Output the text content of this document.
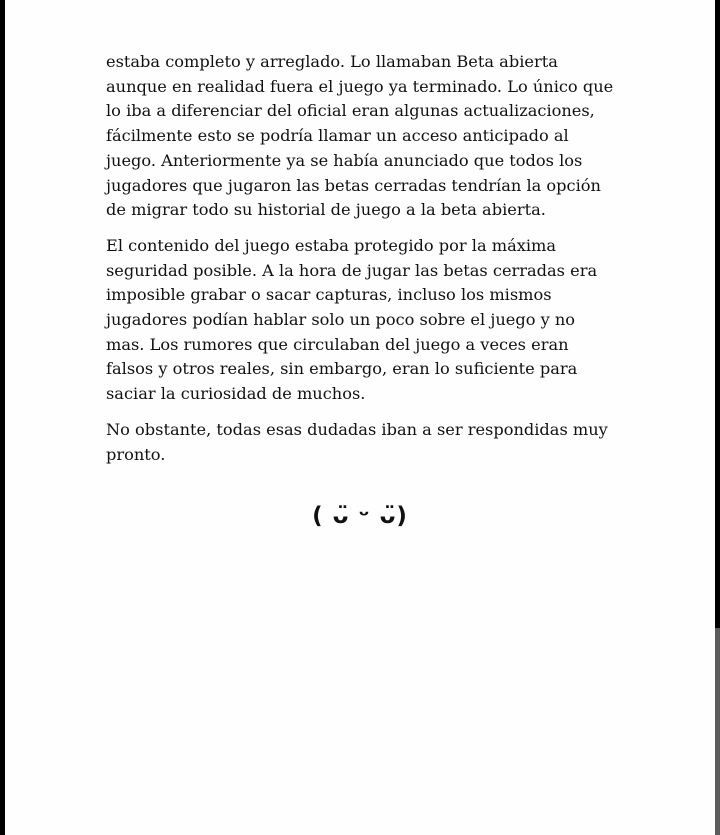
estaba completo y arreglado. Lo llamaban Beta abierta aunque en realidad fuera el juego ya terminado. Lo único que lo iba a diferenciar del oficial eran algunas actualizaciones, fácilmente esto se podría llamar un acceso anticipado al juego. Anteriormente ya se había anunciado que todos los jugadores que jugaron las betas cerradas tendrían la opción de migrar todo su historial de juego a la beta abierta.

El contenido del juego estaba protegido por la máxima seguridad posible. A la hora de jugar las betas cerradas era imposible grabar o sacar capturas, incluso los mismos jugadores podían hablar solo un poco sobre el juego y no mas. Los rumores que circulaban del juego a veces eran falsos y otros reales, sin embargo, eran lo suficiente para saciar la curiosidad de muchos.

No obstante, todas esas dudadas iban a ser respondidas muy pronto.

( ᴗ̈ ᵕ ᴗ̈)
